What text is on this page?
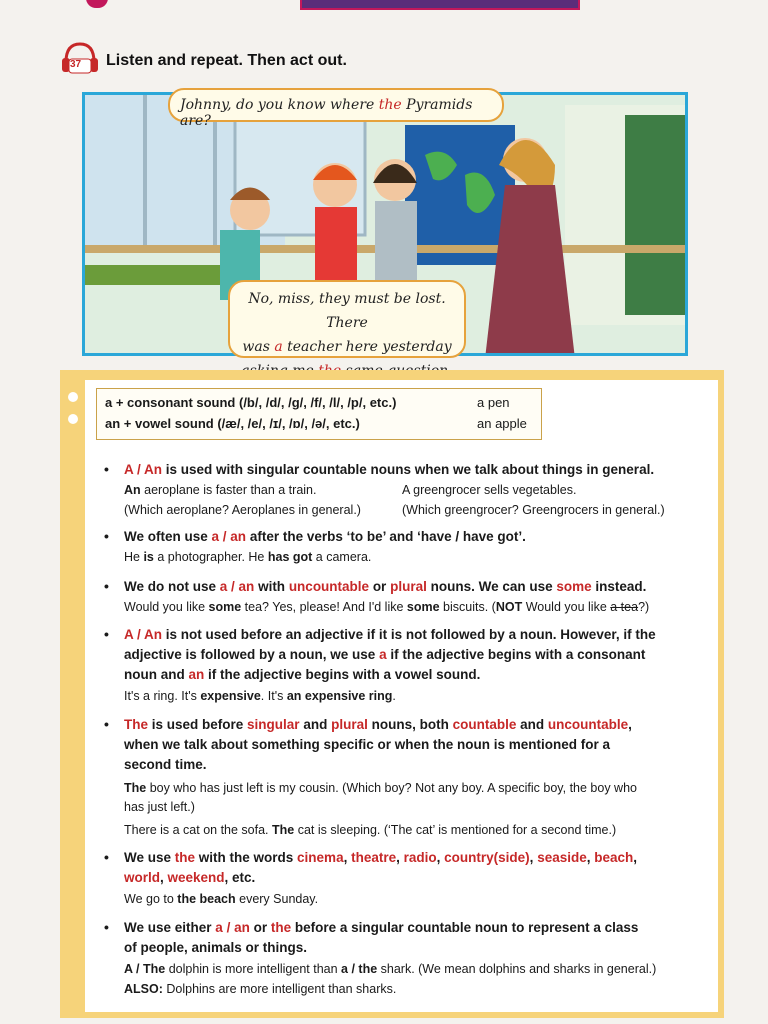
37 Listen and repeat. Then act out.
Johnny, do you know where the Pyramids are?
No, miss, they must be lost. There
was a teacher here yesterday
a + consonant sound (/b/, /d/, /g/, /f/, /l/, /p/, etc.)	a pen
an + vowel sound (/æ/, /e/, /ɪ/, /ɒ/, /ə/, etc.)	an apple
• A / An is used with singular countable nouns when we talk about things in general.
An aeroplane is faster than a train.	A greengrocer sells vegetables.
(Which aeroplane? Aeroplanes in general.)	(Which greengrocer? Greengrocers in general.)
• We often use a / an after the verbs ‘to be’ and ‘have / have got’.
He is a photographer. He has got a camera.
• We do not use a / an with uncountable or plural nouns. We can use some instead.
Would you like some tea? Yes, please! And I'd like some biscuits. (NOT Would you like a tea?)
• A / An is not used before an adjective if it is not followed by a noun. However, if the
adjective is followed by a noun, we use a if the adjective begins with a consonant
noun and an if the adjective begins with a vowel sound.
It's a ring. It's expensive. It's an expensive ring.
• The is used before singular and plural nouns, both countable and uncountable,
when we talk about something specific or when the noun is mentioned for a
second time.
The boy who has just left is my cousin. (Which boy? Not any boy. A specific boy, the boy who
has just left.)
There is a cat on the sofa. The cat is sleeping. (‘The cat’ is mentioned for a second time.)
• We use the with the words cinema, theatre, radio, country(side), seaside, beach,
world, weekend, etc.
We go to the beach every Sunday.
• We use either a / an or the before a singular countable noun to represent a class
of people, animals or things.
A / The dolphin is more intelligent than a / the shark. (We mean dolphins and sharks in general.)
ALSO: Dolphins are more intelligent than sharks.
